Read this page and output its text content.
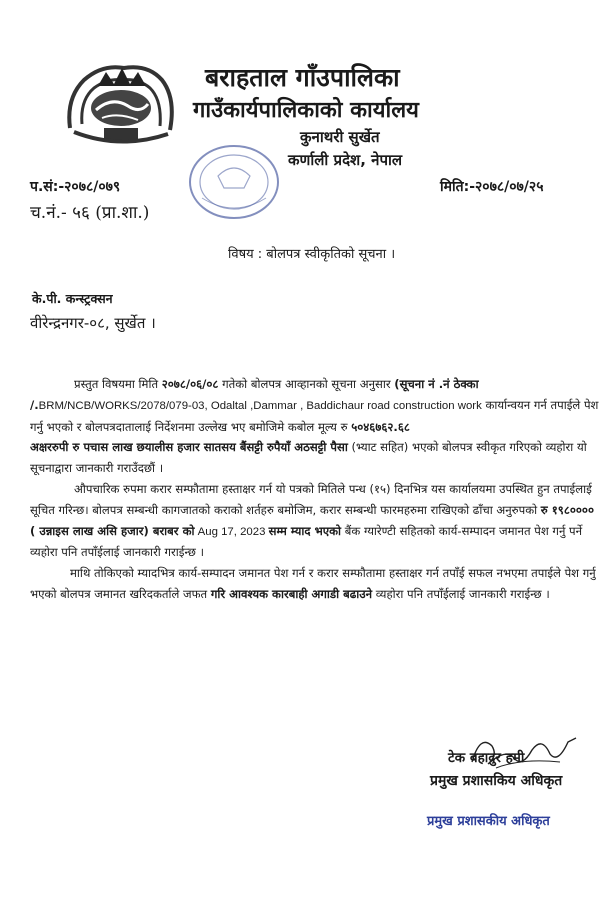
बराहताल गाँउपालिका
गाउँकार्यपालिकाको कार्यालय
कुनाथरी सुर्खेत
कर्णाली प्रदेश, नेपाल
प.सं:-२०७८/०७९
च.नं.- ५६ (प्रा.शा.)
मिति:-२०७८/०७/२५
विषय : बोलपत्र स्वीकृतिको सूचना ।
के.पी. कन्स्ट्रक्सन
वीरेन्द्रनगर-०८, सुर्खेत ।

प्रस्तुत विषयमा मिति २०७८/०६/०८ गतेको बोलपत्र आव्हानको सूचना अनुसार (सूचना नं .नं ठेक्का /.BRM/NCB/WORKS/2078/079-03, Odaltal ,Dammar , Baddichaur road construction work कार्यान्वयन गर्न तपाईले पेश गर्नु भएको र बोलपत्रदातालाई निर्देशनमा उल्लेख भए बमोजिमे कबोल मूल्य रु ५०४६७६२.६८
अक्षररुपी रु पचास लाख छयालीस हजार सातसय बैंसट्टी रुपैयाँ अठसट्टी पैसा (भ्याट सहित) भएको बोलपत्र स्वीकृत गरिएको व्यहोरा यो सूचनाद्वारा जानकारी गराउँदछौं ।

औपचारिक रुपमा करार सम्फौतामा हस्ताक्षर गर्न यो पत्रको मितिले पन्ध (१५) दिनभित्र यस कार्यालयमा उपस्थित हुन तपाईलाई सूचित गरिन्छ। बोलपत्र सम्बन्धी कागजातको कराको शर्तहरु बमोजिम, करार सम्बन्धी फारमहरुमा राखिएको ढाँचा अनुरुपको रु १९८०००० ( उन्नाइस लाख असि हजार) बराबर को Aug 17, 2023 सम्म म्याद भएको बैंक ग्यारेण्टी सहितको कार्य-सम्पादन जमानत पेश गर्नु पर्ने व्यहोरा पनि तपाँईलाई जानकारी गराईन्छ ।

माथि तोकिएको म्यादभित्र कार्य-सम्पादन जमानत पेश गर्न र करार सम्फौतामा हस्ताक्षर गर्न तपाँई सफल नभएमा तपाईले पेश गर्नु भएको बोलपत्र जमानत खरिदकर्ताले जफत गरि आवश्यक कारबाही अगाडी बढाउने व्यहोरा पनि तपाँईलाई जानकारी गराईन्छ ।

टेक बहादुर हमी
प्रमुख प्रशासकिय अधिकृत
प्रमुख प्रशासकीय अधिकृत
